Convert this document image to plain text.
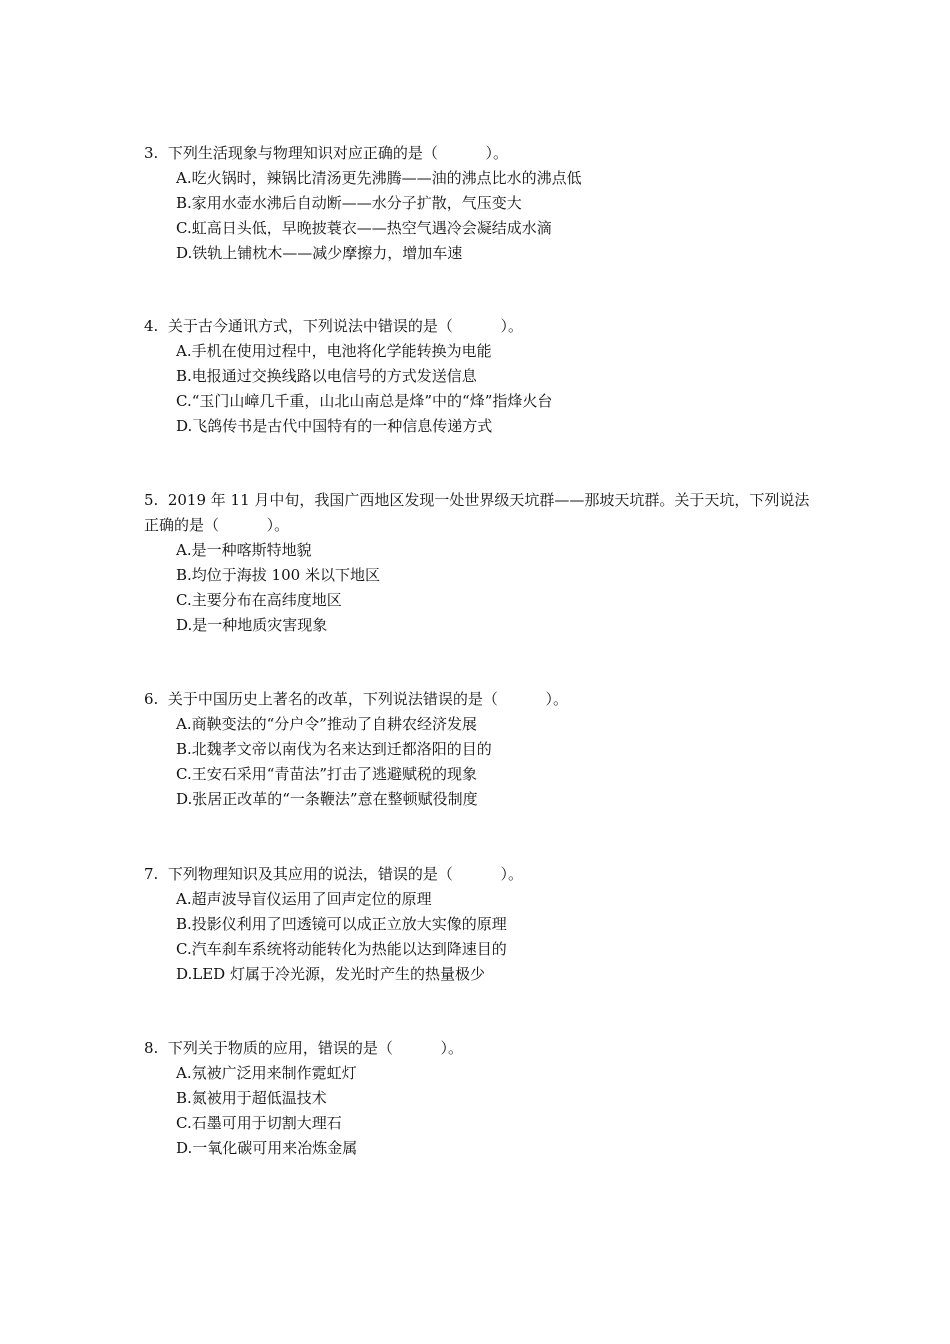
3.  下列生活现象与物理知识对应正确的是（          ）。
A.吃火锅时，辣锅比清汤更先沸腾——油的沸点比水的沸点低
B.家用水壶水沸后自动断——水分子扩散，气压变大
C.虹高日头低，早晚披蓑衣——热空气遇冷会凝结成水滴
D.铁轨上铺枕木——减少摩擦力，增加车速
4.  关于古今通讯方式，下列说法中错误的是（          ）。
A.手机在使用过程中，电池将化学能转换为电能
B.电报通过交换线路以电信号的方式发送信息
C.“玉门山嶂几千重，山北山南总是烽”中的“烽”指烽火台
D.飞鸽传书是古代中国特有的一种信息传递方式
5.  2019 年 11 月中旬，我国广西地区发现一处世界级天坑群——那坡天坑群。关于天坑，下列说法正确的是（          ）。
A.是一种喀斯特地貌
B.均位于海拔 100 米以下地区
C.主要分布在高纬度地区
D.是一种地质灾害现象
6.  关于中国历史上著名的改革，下列说法错误的是（          ）。
A.商鞅变法的“分户令”推动了自耕农经济发展
B.北魏孝文帝以南伐为名来达到迁都洛阳的目的
C.王安石采用“青苗法”打击了逃避赋税的现象
D.张居正改革的“一条鞭法”意在整顿赋役制度
7.  下列物理知识及其应用的说法，错误的是（          ）。
A.超声波导盲仪运用了回声定位的原理
B.投影仪利用了凹透镜可以成正立放大实像的原理
C.汽车刹车系统将动能转化为热能以达到降速目的
D.LED 灯属于冷光源，发光时产生的热量极少
8.  下列关于物质的应用，错误的是（          ）。
A.氖被广泛用来制作霓虹灯
B.氮被用于超低温技术
C.石墨可用于切割大理石
D.一氧化碳可用来冶炼金属
